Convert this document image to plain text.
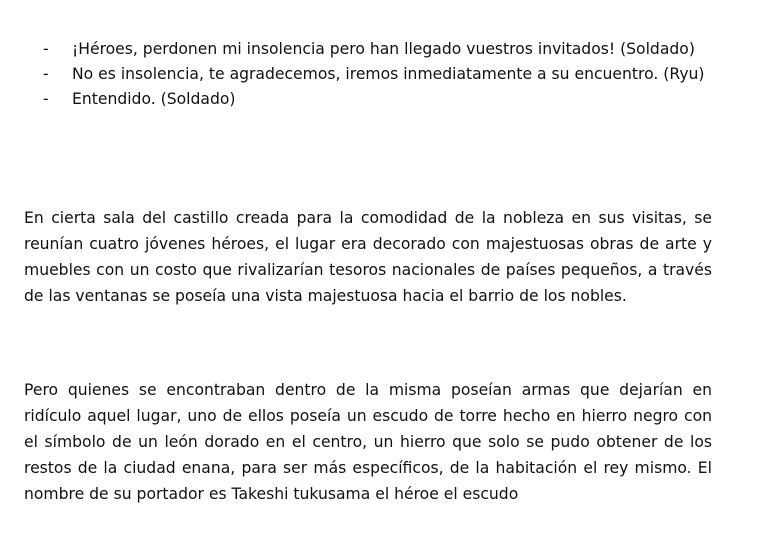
- ¡Héroes, perdonen mi insolencia pero han llegado vuestros invitados! (Soldado)
- No es insolencia, te agradecemos, iremos inmediatamente a su encuentro. (Ryu)
- Entendido. (Soldado)

En cierta sala del castillo creada para la comodidad de la nobleza en sus visitas, se reunían cuatro jóvenes héroes, el lugar era decorado con majestuosas obras de arte y muebles con un costo que rivalizarían tesoros nacionales de países pequeños, a través de las ventanas se poseía una vista majestuosa hacia el barrio de los nobles.

Pero quienes se encontraban dentro de la misma poseían armas que dejarían en ridículo aquel lugar, uno de ellos poseía un escudo de torre hecho en hierro negro con el símbolo de un león dorado en el centro, un hierro que solo se pudo obtener de los restos de la ciudad enana, para ser más específicos, de la habitación el rey mismo. El nombre de su portador es Takeshi tukusama el héroe el escudo
